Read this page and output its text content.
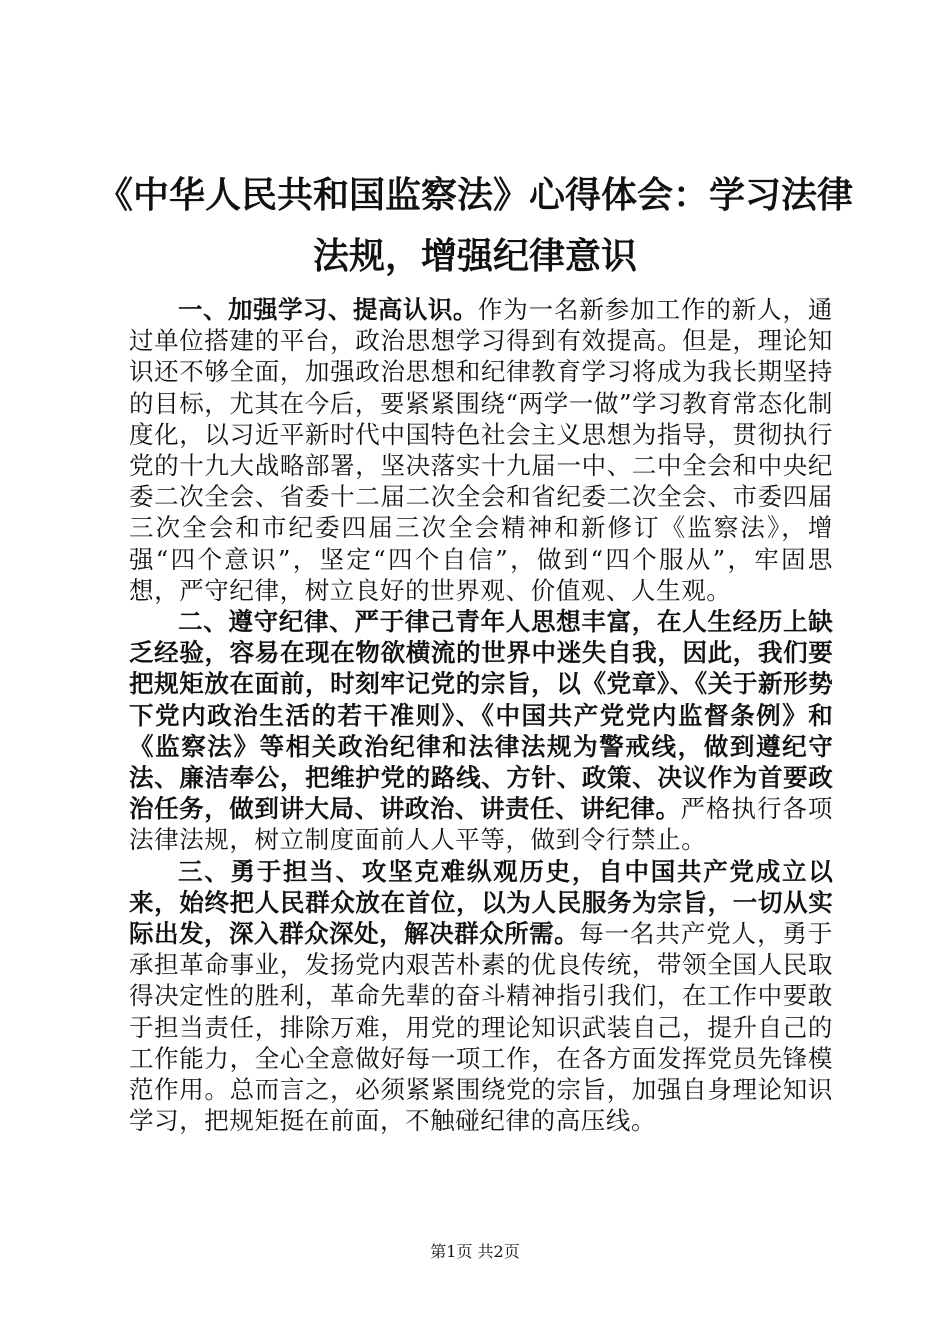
《中华人民共和国监察法》心得体会：学习法律法规，增强纪律意识

一、加强学习、提高认识。作为一名新参加工作的新人，通过单位搭建的平台，政治思想学习得到有效提高。但是，理论知识还不够全面，加强政治思想和纪律教育学习将成为我长期坚持的目标，尤其在今后，要紧紧围绕“两学一做”学习教育常态化制度化，以习近平新时代中国特色社会主义思想为指导，贯彻执行党的十九大战略部署，坚决落实十九届一中、二中全会和中央纪委二次全会、省委十二届二次全会和省纪委二次全会、市委四届三次全会和市纪委四届三次全会精神和新修订《监察法》，增强“四个意识”，坚定“四个自信”，做到“四个服从”，牢固思想，严守纪律，树立良好的世界观、价值观、人生观。

二、遵守纪律、严于律己青年人思想丰富，在人生经历上缺乏经验，容易在现在物欲横流的世界中迷失自我，因此，我们要把规矩放在面前，时刻牢记党的宗旨，以《党章》、《关于新形势下党内政治生活的若干准则》、《中国共产党党内监督条例》和《监察法》等相关政治纪律和法律法规为警戒线，做到遵纪守法、廉洁奉公，把维护党的路线、方针、政策、决议作为首要政治任务，做到讲大局、讲政治、讲责任、讲纪律。严格执行各项法律法规，树立制度面前人人平等，做到令行禁止。

三、勇于担当、攻坚克难纵观历史，自中国共产党成立以来，始终把人民群众放在首位，以为人民服务为宗旨，一切从实际出发，深入群众深处，解决群众所需。每一名共产党人，勇于承担革命事业，发扬党内艰苦朴素的优良传统，带领全国人民取得决定性的胜利，革命先辈的奋斗精神指引我们，在工作中要敢于担当责任，排除万难，用党的理论知识武装自己，提升自己的工作能力，全心全意做好每一项工作，在各方面发挥党员先锋模范作用。总而言之，必须紧紧围绕党的宗旨，加强自身理论知识学习，把规矩挺在前面，不触碰纪律的高压线。

第1页 共2页
